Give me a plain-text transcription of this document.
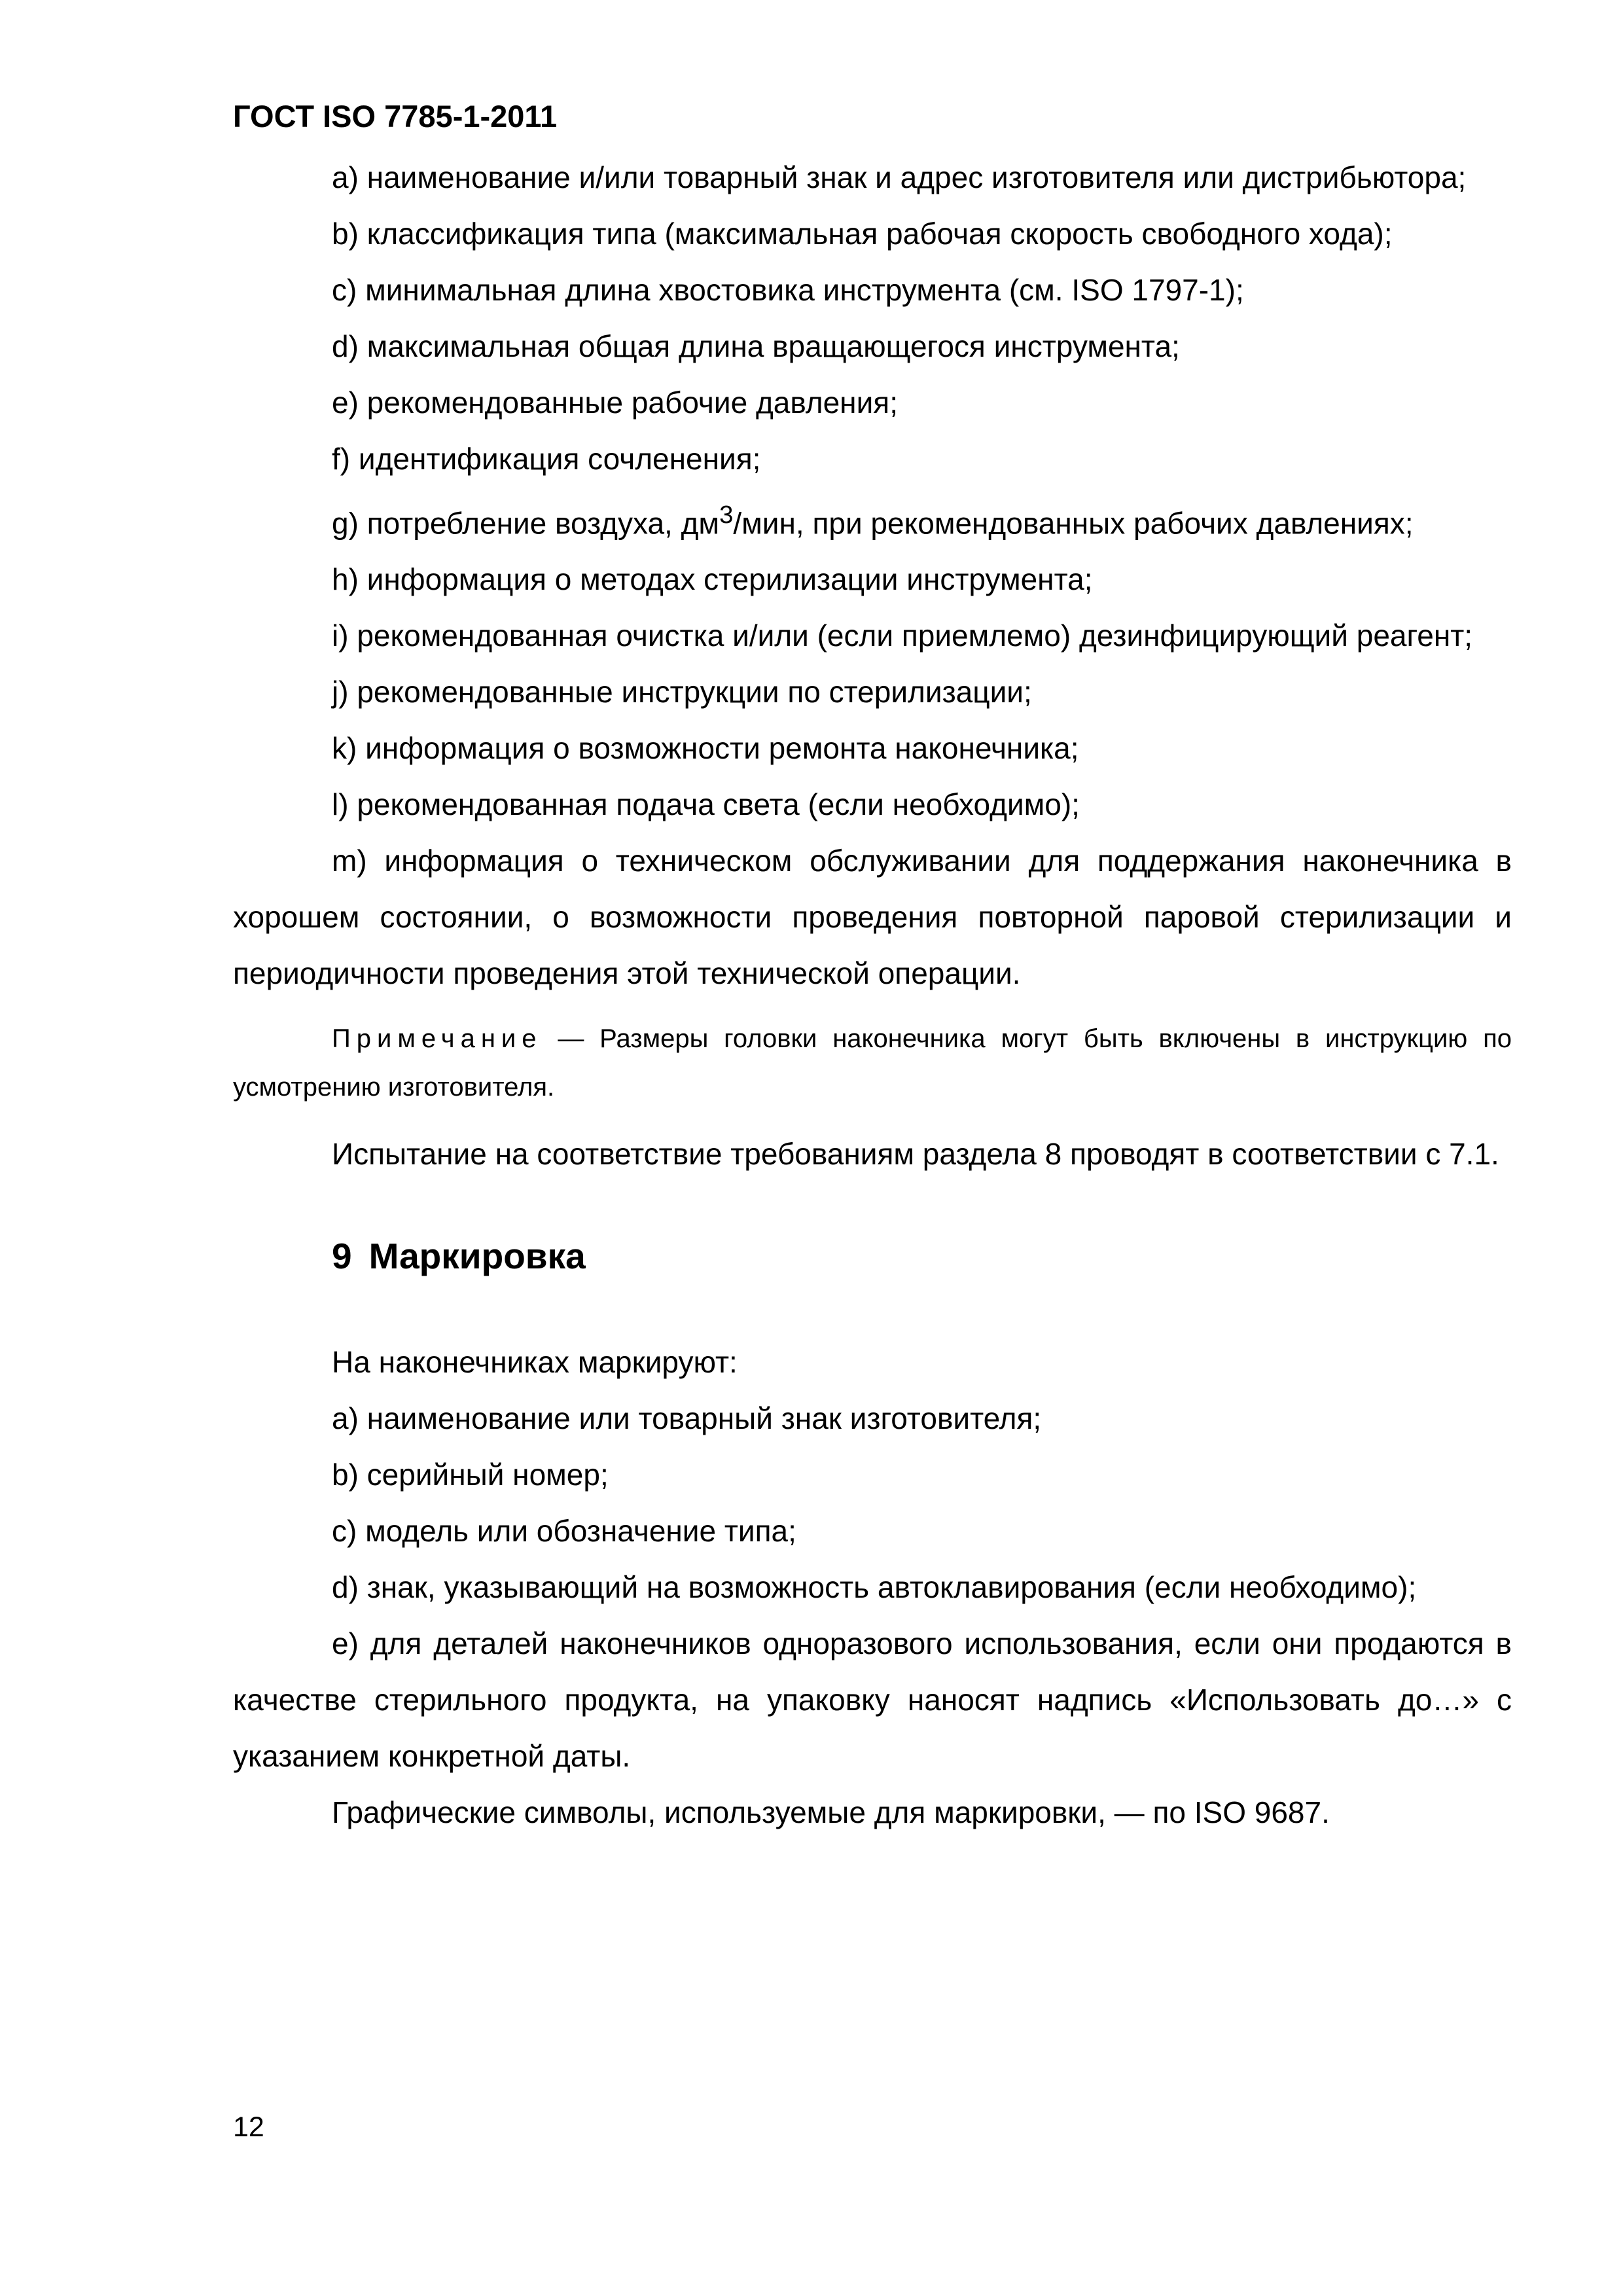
ГОСТ ISO 7785-1-2011

a) наименование и/или товарный знак и адрес изготовителя или дистрибьютора;

b) классификация типа (максимальная рабочая скорость свободного хода);

c) минимальная длина хвостовика инструмента (см. ISO 1797-1);

d) максимальная общая длина вращающегося инструмента;

e) рекомендованные рабочие давления;

f) идентификация сочленения;

g) потребление воздуха, $дм^3$/мин, при рекомендованных рабочих давлениях;

h) информация о методах стерилизации инструмента;

i) рекомендованная очистка и/или (если приемлемо) дезинфицирующий реагент;

j) рекомендованные инструкции по стерилизации;

k) информация о возможности ремонта наконечника;

l) рекомендованная подача света (если необходимо);

m) информация о техническом обслуживании для поддержания наконечника в хорошем состоянии, о возможности проведения повторной паровой стерилизации и периодичности проведения этой технической операции.

Примечание — Размеры головки наконечника могут быть включены в инструкцию по усмотрению изготовителя.

Испытание на соответствие требованиям раздела 8 проводят в соответствии с 7.1.

9 Маркировка

На наконечниках маркируют:

a) наименование или товарный знак изготовителя;

b) серийный номер;

c) модель или обозначение типа;

d) знак, указывающий на возможность автоклавирования (если необходимо);

e) для деталей наконечников одноразового использования, если они продаются в качестве стерильного продукта, на упаковку наносят надпись «Использовать до…» с указанием конкретной даты.

Графические символы, используемые для маркировки, — по ISO 9687.

12
